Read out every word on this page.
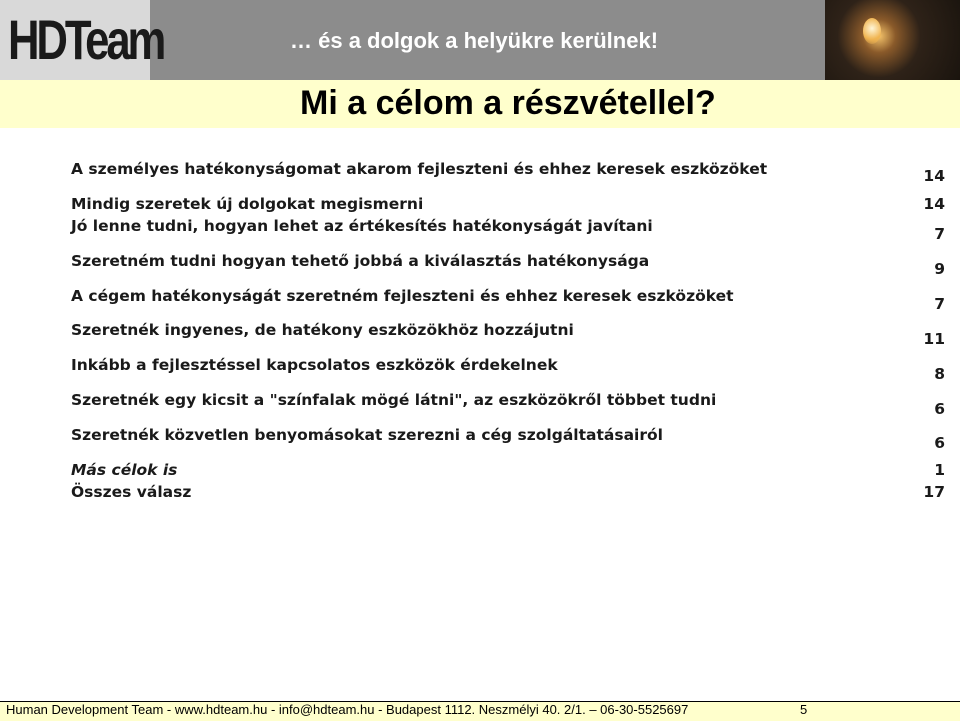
HDTeam	… és a dolgok a helyükre kerülnek!
Mi a célom a részvétellel?
A személyes hatékonyságomat akarom fejleszteni és ehhez keresek eszközöket	14
Mindig szeretek új dolgokat megismerni	14
Jó lenne tudni, hogyan lehet az értékesítés hatékonyságát javítani	7
Szeretném tudni hogyan tehető jobbá a kiválasztás hatékonysága	9
A cégem hatékonyságát szeretném fejleszteni és ehhez keresek eszközöket	7
Szeretnék ingyenes, de hatékony eszközökhöz hozzájutni	11
Inkább a fejlesztéssel kapcsolatos eszközök érdekelnek	8
Szeretnék egy kicsit a "színfalak mögé látni", az eszközökről többet tudni	6
Szeretnék közvetlen benyomásokat szerezni a cég szolgáltatásairól	6
Más célok is	1
Összes válasz	17
Human Development Team - www.hdteam.hu - info@hdteam.hu - Budapest 1112. Neszmélyi 40. 2/1. – 06-30-5525697	5
